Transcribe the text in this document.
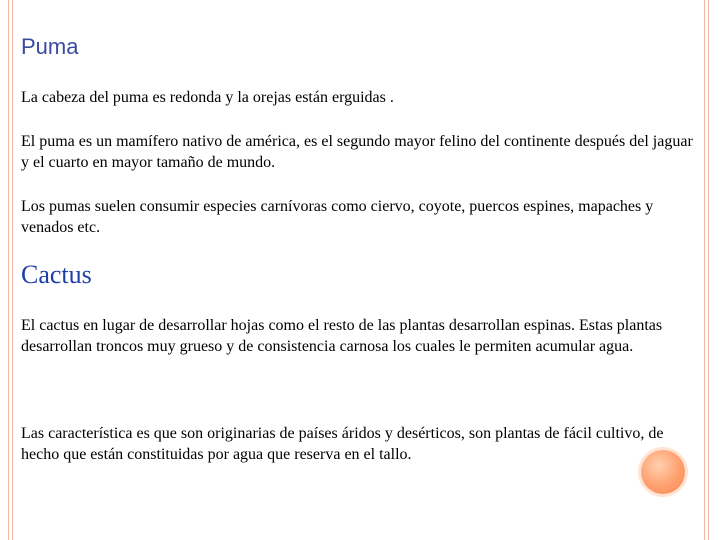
Puma

La cabeza del puma es redonda y la orejas están erguidas .

El puma es un mamífero nativo de américa, es el segundo mayor felino del continente después del jaguar y el cuarto en mayor tamaño de mundo.

Los pumas suelen consumir especies carnívoras como ciervo, coyote, puercos espines, mapaches y venados etc.

Cactus

El cactus en lugar de desarrollar hojas como el resto de las plantas desarrollan espinas. Estas plantas desarrollan troncos muy grueso y de consistencia carnosa los cuales le permiten acumular agua.

Las característica es que son originarias de países áridos y desérticos, son plantas de fácil cultivo, de hecho que están constituidas por agua que reserva en el tallo.
